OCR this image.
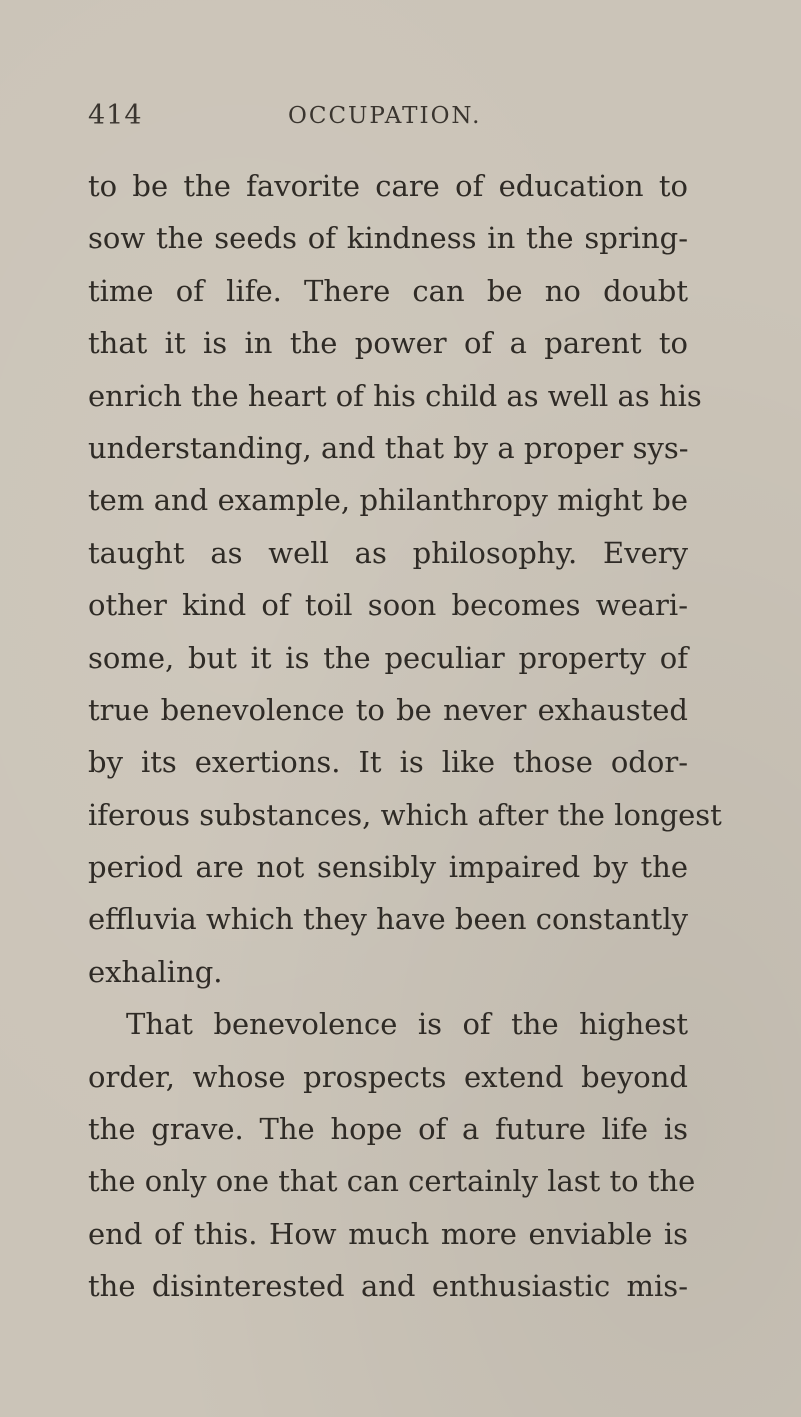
414	OCCUPATION.
to be the favorite care of education to
sow the seeds of kindness in the spring-
time of life. There can be no doubt
that it is in the power of a parent to
enrich the heart of his child as well as his
understanding, and that by a proper sys-
tem and example, philanthropy might be
taught as well as philosophy. Every
other kind of toil soon becomes weari-
some, but it is the peculiar property of
true benevolence to be never exhausted
by its exertions. It is like those odor-
iferous substances, which after the longest
period are not sensibly impaired by the
effluvia which they have been constantly
exhaling.
That benevolence is of the highest
order, whose prospects extend beyond
the grave. The hope of a future life is
the only one that can certainly last to the
end of this. How much more enviable is
the disinterested and enthusiastic mis-
